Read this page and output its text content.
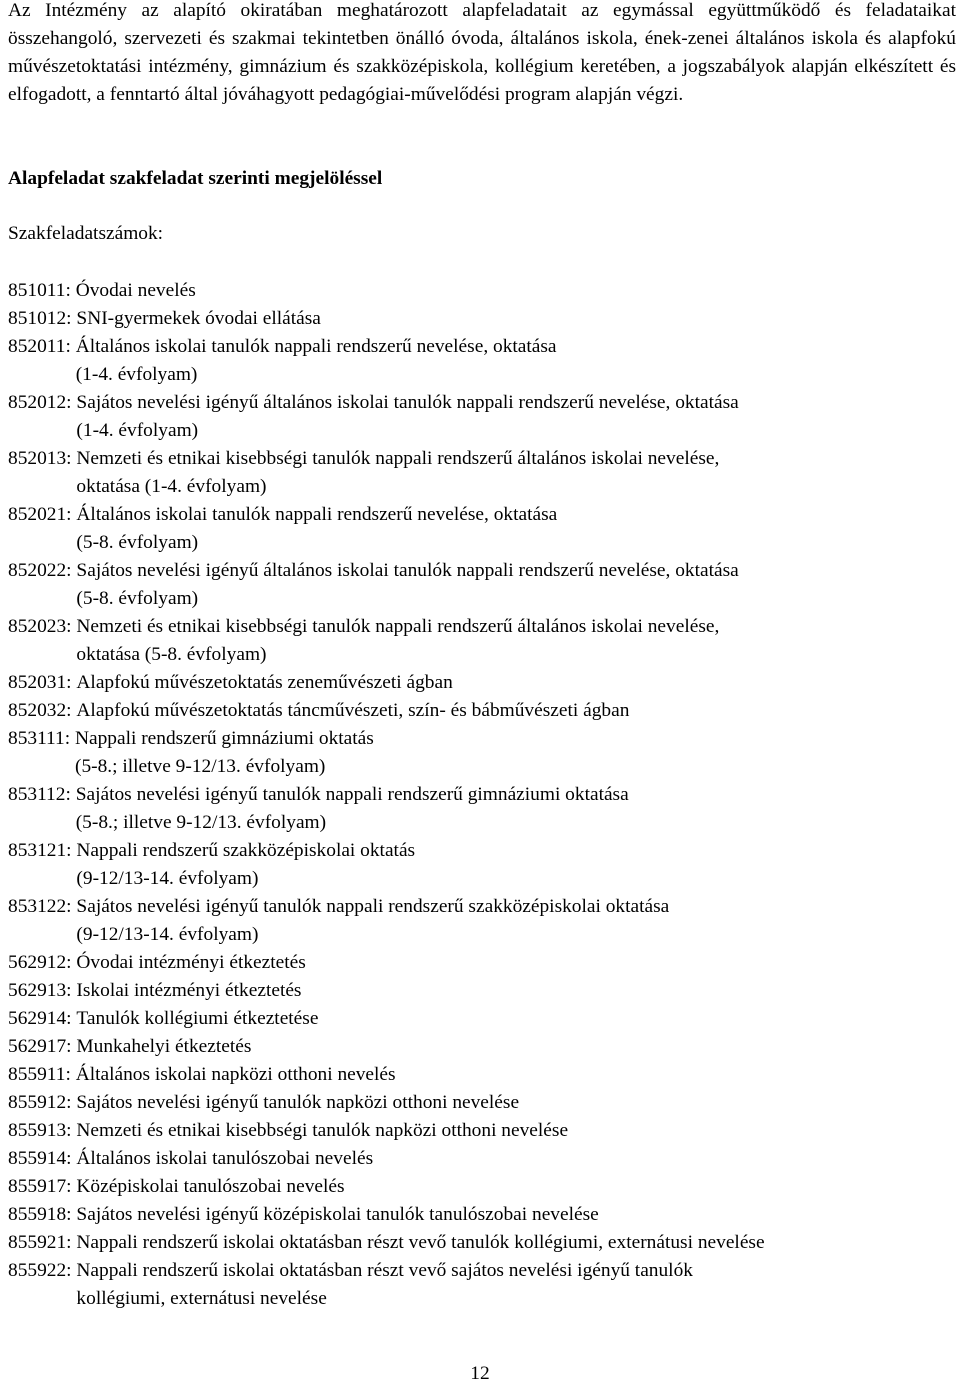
Az Intézmény az alapító okiratában meghatározott alapfeladatait az egymással együttműködő és feladataikat összehangoló, szervezeti és szakmai tekintetben önálló óvoda, általános iskola, ének-zenei általános iskola és alapfokú művészetoktatási intézmény, gimnázium és szakközépiskola, kollégium keretében, a jogszabályok alapján elkészített és elfogadott, a fenntartó által jóváhagyott pedagógiai-művelődési program alapján végzi.
Alapfeladat szakfeladat szerinti megjelöléssel
Szakfeladatszámok:
851011 : Óvodai nevelés
851012 : SNI-gyermekek óvodai ellátása
852011 : Általános iskolai tanulók nappali rendszerű nevelése, oktatása
(1-4. évfolyam)
852012 : Sajátos nevelési igényű általános iskolai tanulók nappali rendszerű nevelése, oktatása
(1-4. évfolyam)
852013 : Nemzeti és etnikai kisebbségi tanulók nappali rendszerű általános iskolai nevelése,
oktatása (1-4. évfolyam)
852021 : Általános iskolai tanulók nappali rendszerű nevelése, oktatása
(5-8. évfolyam)
852022 : Sajátos nevelési igényű általános iskolai tanulók nappali rendszerű nevelése, oktatása
(5-8. évfolyam)
852023 : Nemzeti és etnikai kisebbségi tanulók nappali rendszerű általános iskolai nevelése,
oktatása (5-8. évfolyam)
852031 : Alapfokú művészetoktatás zeneművészeti ágban
852032 : Alapfokú művészetoktatás táncművészeti, szín- és bábművészeti ágban
853111 : Nappali rendszerű gimnáziumi oktatás
(5-8.; illetve 9-12/13. évfolyam)
853112 : Sajátos nevelési igényű tanulók nappali rendszerű gimnáziumi oktatása
(5-8.; illetve 9-12/13. évfolyam)
853121 : Nappali rendszerű szakközépiskolai oktatás
(9-12/13-14. évfolyam)
853122 : Sajátos nevelési igényű tanulók nappali rendszerű szakközépiskolai oktatása
(9-12/13-14. évfolyam)
562912 : Óvodai intézményi étkeztetés
562913 : Iskolai intézményi étkeztetés
562914 : Tanulók kollégiumi étkeztetése
562917 : Munkahelyi étkeztetés
855911 : Általános iskolai napközi otthoni nevelés
855912 : Sajátos nevelési igényű tanulók napközi otthoni nevelése
855913 : Nemzeti és etnikai kisebbségi tanulók napközi otthoni nevelése
855914 : Általános iskolai tanulószobai nevelés
855917 : Középiskolai tanulószobai nevelés
855918 : Sajátos nevelési igényű középiskolai tanulók tanulószobai nevelése
855921 : Nappali rendszerű iskolai oktatásban részt vevő tanulók kollégiumi, externátusi nevelése
855922 : Nappali rendszerű iskolai oktatásban részt vevő sajátos nevelési igényű tanulók
kollégiumi, externátusi nevelése
12
